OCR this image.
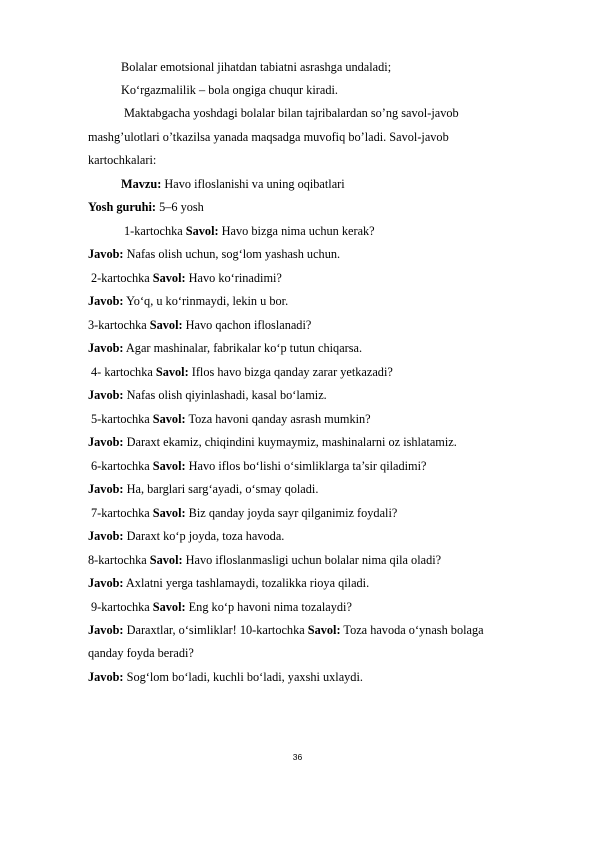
Bolalar emotsional jihatdan tabiatni asrashga undaladi;
Ko‘rgazmalilik – bola ongiga chuqur kiradi.
Maktabgacha yoshdagi bolalar bilan tajribalardan so’ng savol-javob
mashg’ulotlari o’tkazilsa yanada maqsadga muvofiq bo’ladi. Savol-javob
kartochkalari:
Mavzu: Havo ifloslanishi va uning oqibatlari
Yosh guruhi: 5–6 yosh
1-kartochka Savol: Havo bizga nima uchun kerak?
Javob: Nafas olish uchun, sog‘lom yashash uchun.
2-kartochka Savol: Havo ko‘rinadimi?
Javob: Yo‘q, u ko‘rinmaydi, lekin u bor.
3-kartochka Savol: Havo qachon ifloslanadi?
Javob: Agar mashinalar, fabrikalar ko‘p tutun chiqarsa.
4- kartochka Savol: Iflos havo bizga qanday zarar yetkazadi?
Javob: Nafas olish qiyinlashadi, kasal bo‘lamiz.
5-kartochka Savol: Toza havoni qanday asrash mumkin?
Javob: Daraxt ekamiz, chiqindini kuymaymiz, mashinalarni oz ishlatamiz.
6-kartochka Savol: Havo iflos bo‘lishi o‘simliklarga ta’sir qiladimi?
Javob: Ha, barglari sarg‘ayadi, o‘smay qoladi.
7-kartochka Savol: Biz qanday joyda sayr qilganimiz foydali?
Javob: Daraxt ko‘p joyda, toza havoda.
8-kartochka Savol: Havo ifloslanmasligi uchun bolalar nima qila oladi?
Javob: Axlatni yerga tashlamaydi, tozalikka rioya qiladi.
9-kartochka Savol: Eng ko‘p havoni nima tozalaydi?
Javob: Daraxtlar, o‘simliklar! 10-kartochka Savol: Toza havoda o‘ynash bolaga
qanday foyda beradi?
Javob: Sog‘lom bo‘ladi, kuchli bo‘ladi, yaxshi uxlaydi.
36
